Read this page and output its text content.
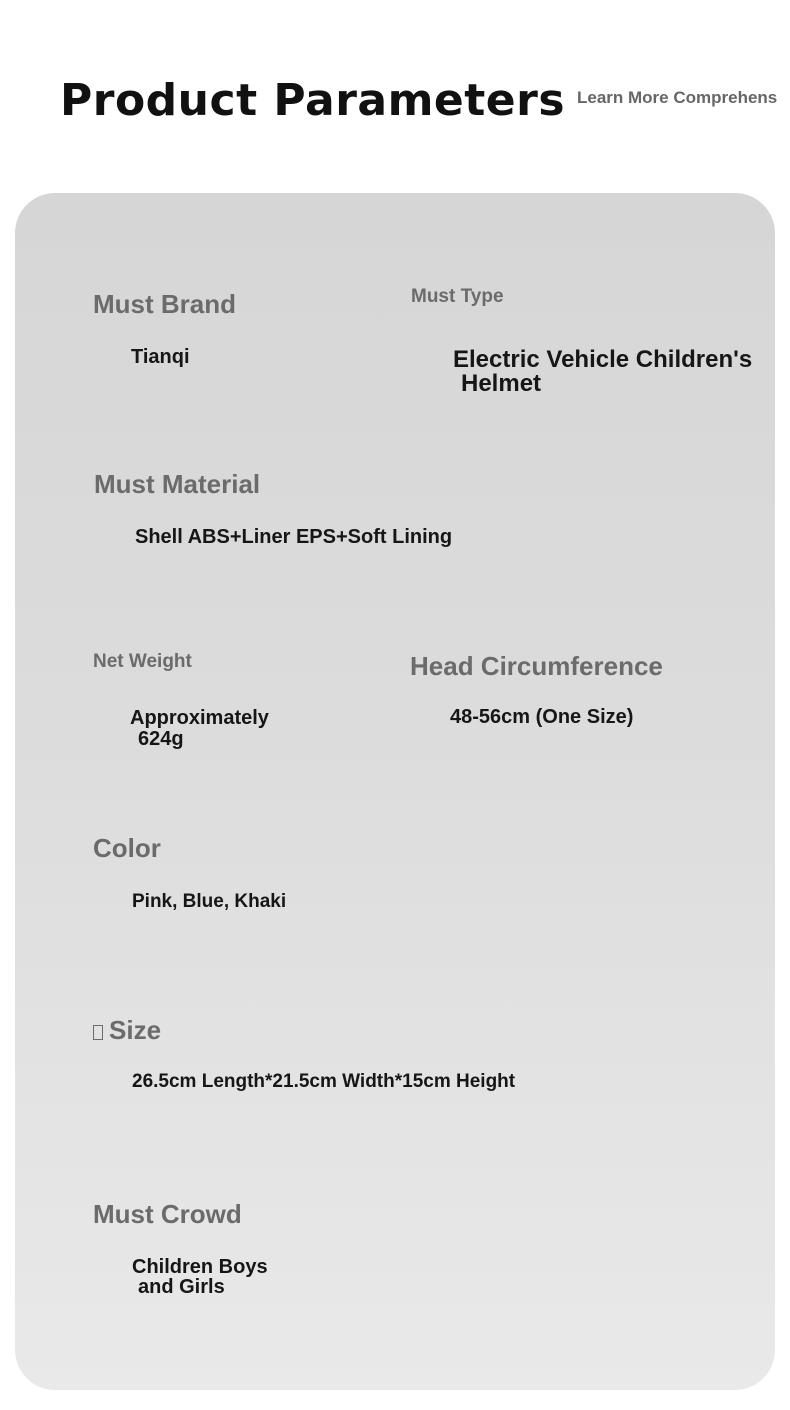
Product Parameters Learn More Comprehens
Must Brand
Tianqi
Must Type
Electric Vehicle Children's
Helmet
Must Material
Shell ABS+Liner EPS+Soft Lining
Net Weight
Approximately
624g
Head Circumference
48-56cm (One Size)
Color
Pink, Blue, Khaki
Size
26.5cm Length*21.5cm Width*15cm Height
Must Crowd
Children Boys
and Girls
